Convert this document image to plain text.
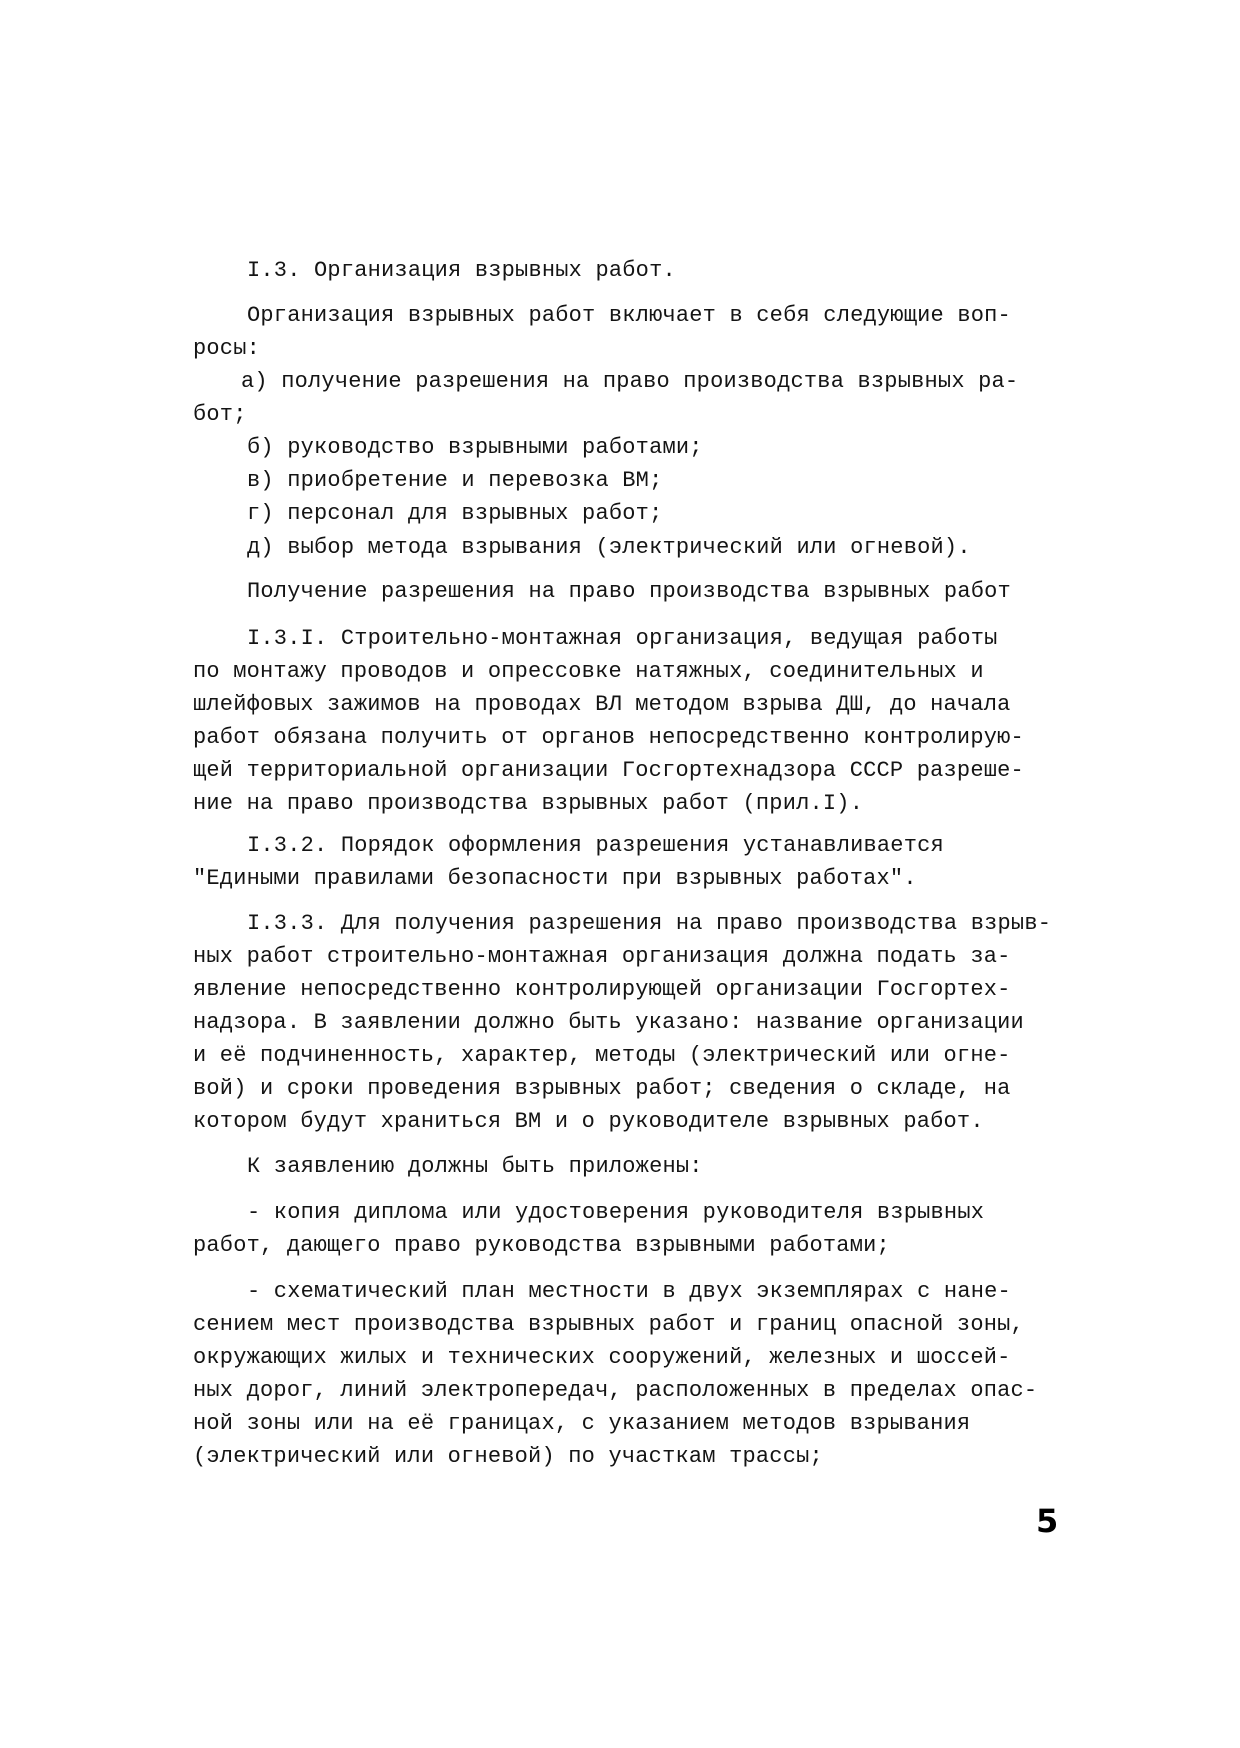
I.3. Организация взрывных работ.
Организация взрывных работ включает в себя следующие воп-
росы:
а) получение разрешения на право производства взрывных ра-
бот;
б) руководство взрывными работами;
в) приобретение и перевозка ВМ;
г) персонал для взрывных работ;
д) выбор метода взрывания (электрический или огневой).
Получение разрешения на право производства взрывных работ
I.3.I. Строительно-монтажная организация, ведущая работы
по монтажу проводов и опрессовке натяжных, соединительных и
шлейфовых зажимов на проводах ВЛ методом взрыва ДШ, до начала
работ обязана получить от органов непосредственно контролирую-
щей территориальной организации Госгортехнадзора СССР разреше-
ние на право производства взрывных работ (прил.I).
I.3.2. Порядок оформления разрешения устанавливается
"Едиными правилами безопасности при взрывных работах".
I.3.3. Для получения разрешения на право производства взрыв-
ных работ строительно-монтажная организация должна подать за-
явление непосредственно контролирующей организации Госгортех-
надзора. В заявлении должно быть указано: название организации
и её подчиненность, характер, методы (электрический или огне-
вой) и сроки проведения взрывных работ; сведения о складе, на
котором будут храниться ВМ и о руководителе взрывных работ.
К заявлению должны быть приложены:
- копия диплома или удостоверения руководителя взрывных
работ, дающего право руководства взрывными работами;
- схематический план местности в двух экземплярах с нане-
сением мест производства взрывных работ и границ опасной зоны,
окружающих жилых и технических сооружений, железных и шоссей-
ных дорог, линий электропередач, расположенных в пределах опас-
ной зоны или на её границах, с указанием методов взрывания
(электрический или огневой) по участкам трассы;
5
